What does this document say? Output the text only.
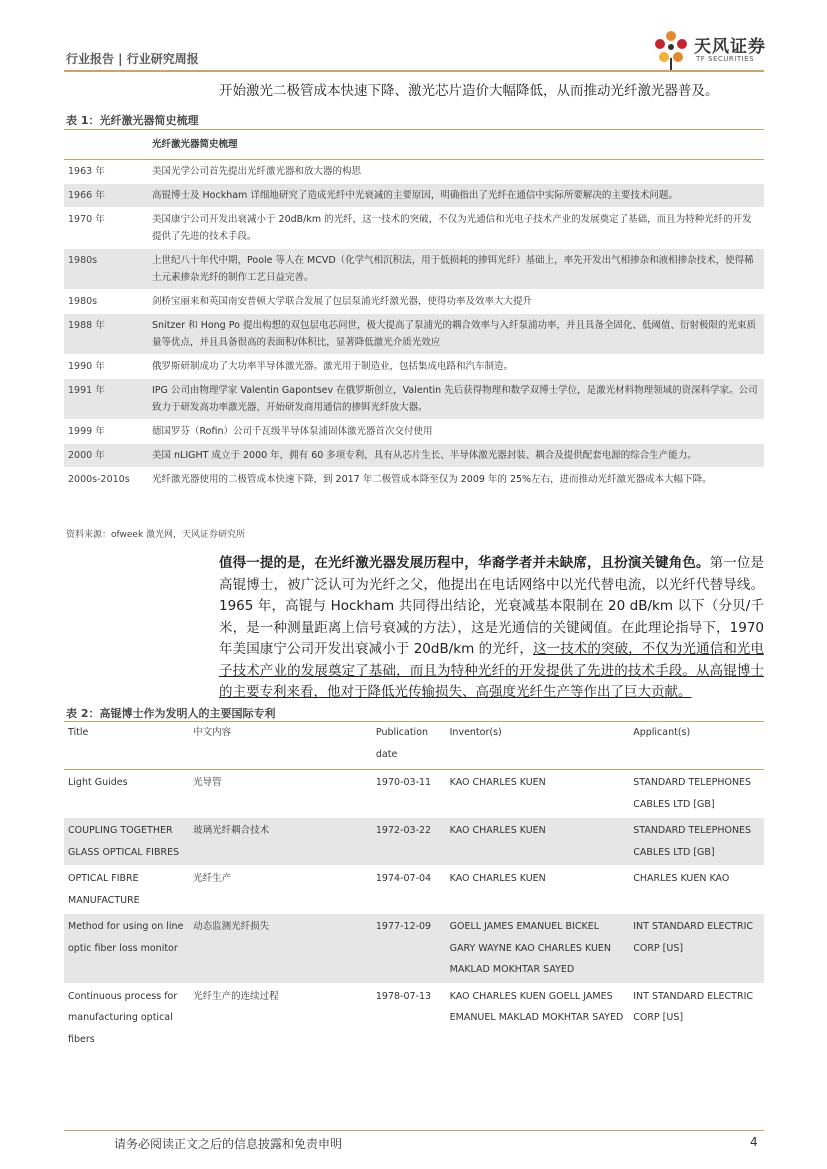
行业报告 | 行业研究周报
天风证券
TF SECURITIES
开始激光二极管成本快速下降、激光芯片造价大幅降低，从而推动光纤激光器普及。
表 1：光纤激光器简史梳理
	光纤激光器简史梳理
1963 年	美国光学公司首先提出光纤激光器和放大器的构思
1966 年	高锟博士及 Hockham 详细地研究了造成光纤中光衰减的主要原因，明确指出了光纤在通信中实际所要解决的主要技术问题。
1970 年	美国康宁公司开发出衰减小于 20dB/km 的光纤，这一技术的突破，不仅为光通信和光电子技术产业的发展奠定了基础，而且为特种光纤的开发提供了先进的技术手段。
1980s	上世纪八十年代中期，Poole 等人在 MCVD（化学气相沉积法，用于低损耗的掺铒光纤）基础上，率先开发出气相掺杂和液相掺杂技术，使得稀土元素掺杂光纤的制作工艺日益完善。
1980s	剑桥宝丽来和英国南安普顿大学联合发展了包层泵浦光纤激光器，使得功率及效率大大提升
1988 年	Snitzer 和 Hong Po 提出构想的双包层电芯问世，极大提高了泵浦光的耦合效率与入纤泵浦功率，并且具备全固化、低阈值、衍射极限的光束质量等优点，并且具备很高的表面积/体积比，显著降低激光介质光效应
1990 年	俄罗斯研制成功了大功率半导体激光器。激光用于制造业，包括集成电路和汽车制造。
1991 年	IPG 公司由物理学家 Valentin Gapontsev 在俄罗斯创立，Valentin 先后获得物理和数学双博士学位，是激光材料物理领域的资深科学家。公司致力于研发高功率激光器，开始研发商用通信的掺铒光纤放大器。
1999 年	德国罗芬（Rofin）公司千瓦级半导体泵浦固体激光器首次交付使用
2000 年	美国 nLIGHT 成立于 2000 年，拥有 60 多项专利，具有从芯片生长、半导体激光器封装、耦合及提供配套电源的综合生产能力。
2000s-2010s	光纤激光器使用的二极管成本快速下降，到 2017 年二极管成本降至仅为 2009 年的 25%左右，进而推动光纤激光器成本大幅下降。
资料来源：ofweek 激光网，天风证券研究所
值得一提的是，在光纤激光器发展历程中，华裔学者并未缺席，且扮演关键角色。第一位是高锟博士，被广泛认可为光纤之父，他提出在电话网络中以光代替电流，以光纤代替导线。1965 年，高锟与 Hockham 共同得出结论，光衰减基本限制在 20 dB/km 以下（分贝/千米，是一种测量距离上信号衰减的方法），这是光通信的关键阈值。在此理论指导下，1970 年美国康宁公司开发出衰减小于 20dB/km 的光纤，这一技术的突破，不仅为光通信和光电子技术产业的发展奠定了基础，而且为特种光纤的开发提供了先进的技术手段。从高锟博士的主要专利来看，他对于降低光传输损失、高强度光纤生产等作出了巨大贡献。
表 2：高锟博士作为发明人的主要国际专利
Title	中文内容	Publication date	Inventor(s)	Applicant(s)
Light Guides	光导管	1970-03-11	KAO CHARLES KUEN	STANDARD TELEPHONES CABLES LTD [GB]
COUPLING TOGETHER GLASS OPTICAL FIBRES	玻璃光纤耦合技术	1972-03-22	KAO CHARLES KUEN	STANDARD TELEPHONES CABLES LTD [GB]
OPTICAL FIBRE MANUFACTURE	光纤生产	1974-07-04	KAO CHARLES KUEN	CHARLES KUEN KAO
Method for using on line optic fiber loss monitor	动态监测光纤损失	1977-12-09	GOELL JAMES EMANUEL BICKEL GARY WAYNE KAO CHARLES KUEN MAKLAD MOKHTAR SAYED	INT STANDARD ELECTRIC CORP [US]
Continuous process for manufacturing optical fibers	光纤生产的连续过程	1978-07-13	KAO CHARLES KUEN GOELL JAMES EMANUEL MAKLAD MOKHTAR SAYED	INT STANDARD ELECTRIC CORP [US]
请务必阅读正文之后的信息披露和免责申明	4
